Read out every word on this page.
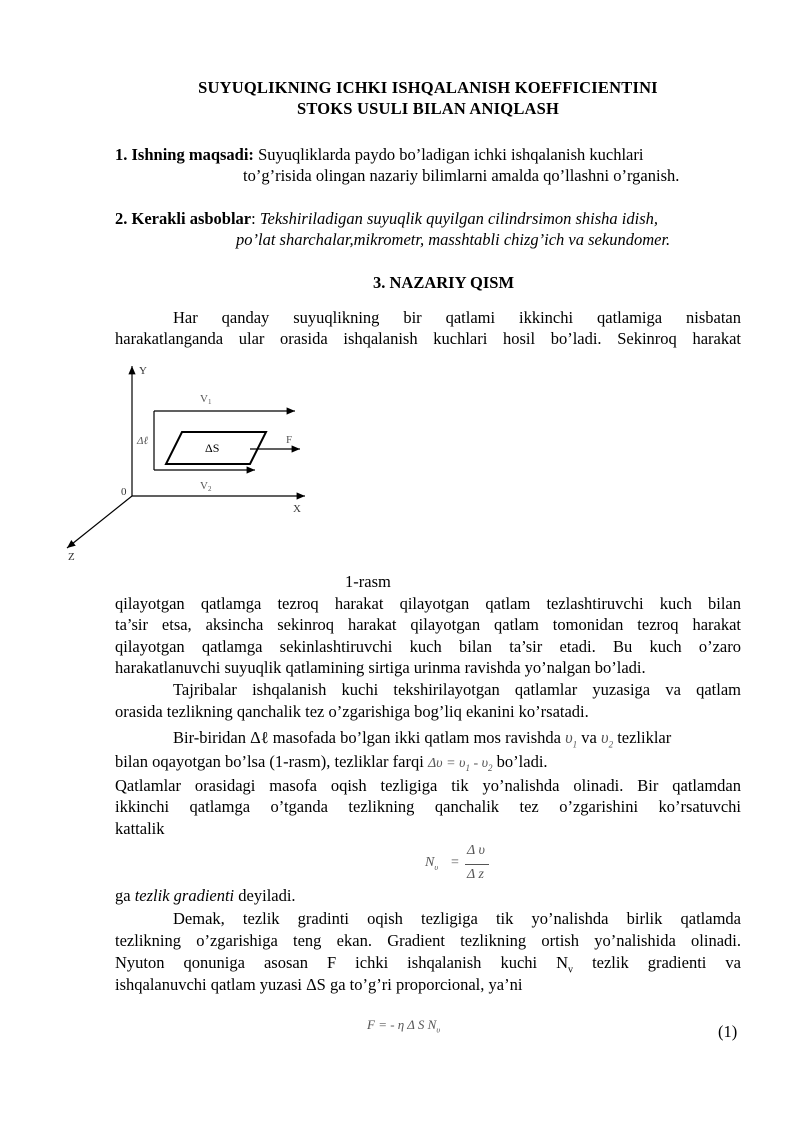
SUYUQLIKNING ICHKI ISHQALANISH KOEFFICIENTINI
STOKS USULI BILAN ANIQLASH
1. Ishning maqsadi: Suyuqliklarda paydo bo’ladigan ichki ishqalanish kuchlari
to’g’risida olingan nazariy bilimlarni amalda qo’llashni o’rganish.
2. Kerakli asboblar: Tekshiriladigan suyuqlik quyilgan cilindrsimon shisha idish,
po’lat sharchalar,mikrometr, masshtabli chizg’ich va sekundomer.
3. NAZARIY QISM
Har qanday suyuqlikning bir qatlami ikkinchi qatlamiga nisbatan
harakatlanganda ular orasida ishqalanish kuchlari hosil bo’ladi. Sekinroq harakat
Y
X
Z
0
V1
V2
Δℓ	ΔS
F
1-rasm
qilayotgan qatlamga tezroq harakat qilayotgan qatlam tezlashtiruvchi kuch bilan
ta’sir etsa, aksincha sekinroq harakat qilayotgan qatlam tomonidan tezroq harakat
qilayotgan qatlamga sekinlashtiruvchi kuch bilan ta’sir etadi. Bu kuch o’zaro
harakatlanuvchi suyuqlik qatlamining sirtiga urinma ravishda yo’nalgan bo’ladi.
Tajribalar ishqalanish kuchi tekshirilayotgan qatlamlar yuzasiga va qatlam
orasida tezlikning qanchalik tez o’zgarishiga bog’liq ekanini ko’rsatadi.
Bir-biridan Δℓ masofada bo’lgan ikki qatlam mos ravishda $\upsilon_1$ va $\upsilon_2$ tezliklar
bilan oqayotgan bo’lsa (1-rasm), tezliklar farqi $\Delta\upsilon = \upsilon_1 - \upsilon_2$ bo’ladi.
Qatlamlar orasidagi masofa oqish tezligiga tik yo’nalishda olinadi. Bir qatlamdan
ikkinchi qatlamga o’tganda tezlikning qanchalik tez o’zgarishini ko’rsatuvchi
kattalik
$N_\upsilon$ =
Δ υ
Δ z
ga tezlik gradienti deyiladi.
Demak, tezlik gradinti oqish tezligiga tik yo’nalishda birlik qatlamda
tezlikning o’zgarishiga teng ekan. Gradient tezlikning ortish yo’nalishida olinadi.
Nyuton qonuniga asosan F ichki ishqalanish kuchi $N_v$ tezlik gradienti va
ishqalanuvchi qatlam yuzasi ΔS ga to’g’ri proporcional, ya’ni
F = - η Δ S $N_\upsilon$	(1)
